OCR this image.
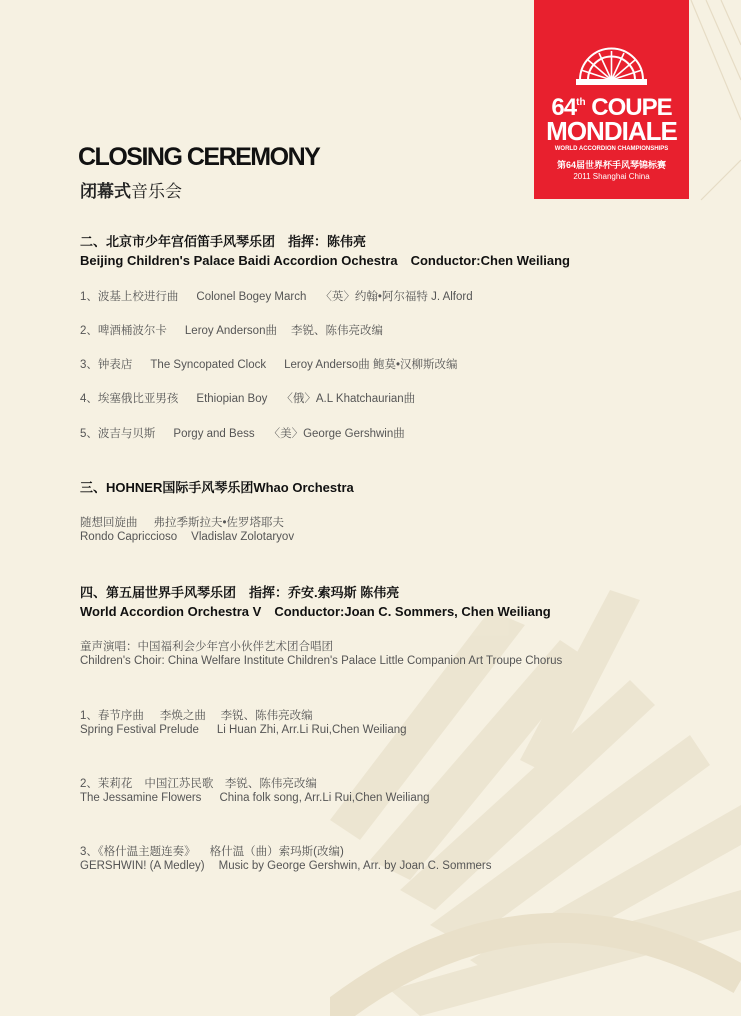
64th COUPE
MONDIALE
WORLD ACCORDION CHAMPIONSHIPS
第64届世界杯手风琴锦标赛
2011 Shanghai China
CLOSING CEREMONY
闭幕式音乐会
二、北京市少年宫佰笛手风琴乐团　指挥：陈伟亮
Beijing Children's Palace Baidi Accordion Ochestra　Conductor:Chen Weiliang
1、波基上校进行曲 Colonel Bogey March 〈英〉约翰•阿尔福特 J. Alford
2、啤酒桶波尔卡 Leroy Anderson曲 李锐、陈伟亮改编
3、钟表店 The Syncopated Clock Leroy Anderso曲 鲍莫•汉柳斯改编
4、埃塞俄比亚男孩 Ethiopian Boy 〈俄〉A.L Khatchaurian曲
5、波吉与贝斯 Porgy and Bess 〈美〉George Gershwin曲
三、HOHNER国际手风琴乐团Whao Orchestra
随想回旋曲 弗拉季斯拉夫•佐罗塔耶夫
Rondo Capriccioso Vladislav Zolotaryov
四、第五届世界手风琴乐团　指挥：乔安.索玛斯 陈伟亮
World Accordion Orchestra V　Conductor:Joan C. Sommers, Chen Weiliang
童声演唱：中国福利会少年宫小伙伴艺术团合唱团
Children's Choir: China Welfare Institute Children's Palace Little Companion Art Troupe Chorus
1、春节序曲 李焕之曲　 李锐、陈伟亮改编
Spring Festival Prelude Li Huan Zhi, Arr.Li Rui,Chen Weiliang
2、茉莉花 中国江苏民歌　李锐、陈伟亮改编
The Jessamine Flowers China folk song, Arr.Li Rui,Chen Weiliang
3、《格什温主题连奏》 格什温（曲）索玛斯(改编)
GERSHWIN! (A Medley) Music by George Gershwin, Arr. by Joan C. Sommers
